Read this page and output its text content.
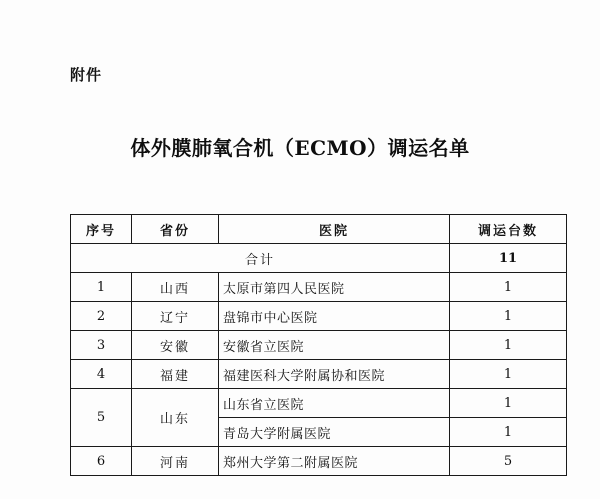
附件
体外膜肺氧合机（ECMO）调运名单
序号	省份	医院	调运台数
合计			11
1	山西	太原市第四人民医院	1
2	辽宁	盘锦市中心医院	1
3	安徽	安徽省立医院	1
4	福建	福建医科大学附属协和医院	1
5	山东	山东省立医院	1
		青岛大学附属医院	1
6	河南	郑州大学第二附属医院	5
